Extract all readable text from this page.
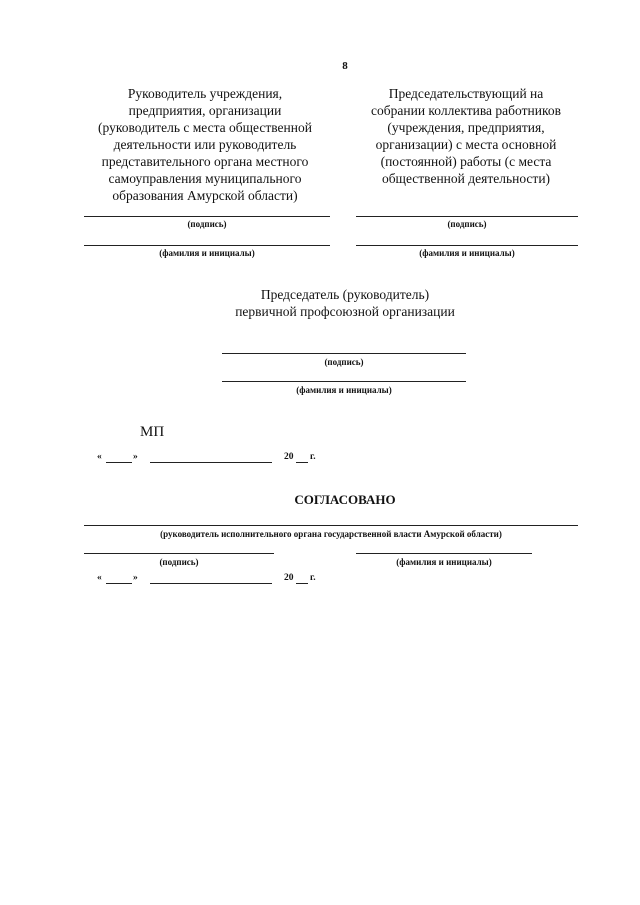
8
Руководитель учреждения,
предприятия, организации
(руководитель с места общественной
деятельности или руководитель
представительного органа местного
самоуправления муниципального
образования Амурской области)
Председательствующий на
собрании коллектива работников
(учреждения, предприятия,
организации) с места основной
(постоянной) работы (с места
общественной деятельности)
(подпись)
(фамилия и инициалы)
(подпись)
(фамилия и инициалы)
Председатель (руководитель)
первичной профсоюзной организации
(подпись)
(фамилия и инициалы)
МП
«	»	20 г.
СОГЛАСОВАНО
(руководитель исполнительного органа государственной власти Амурской области)
(подпись)	(фамилия и инициалы)
«	»	20 г.
